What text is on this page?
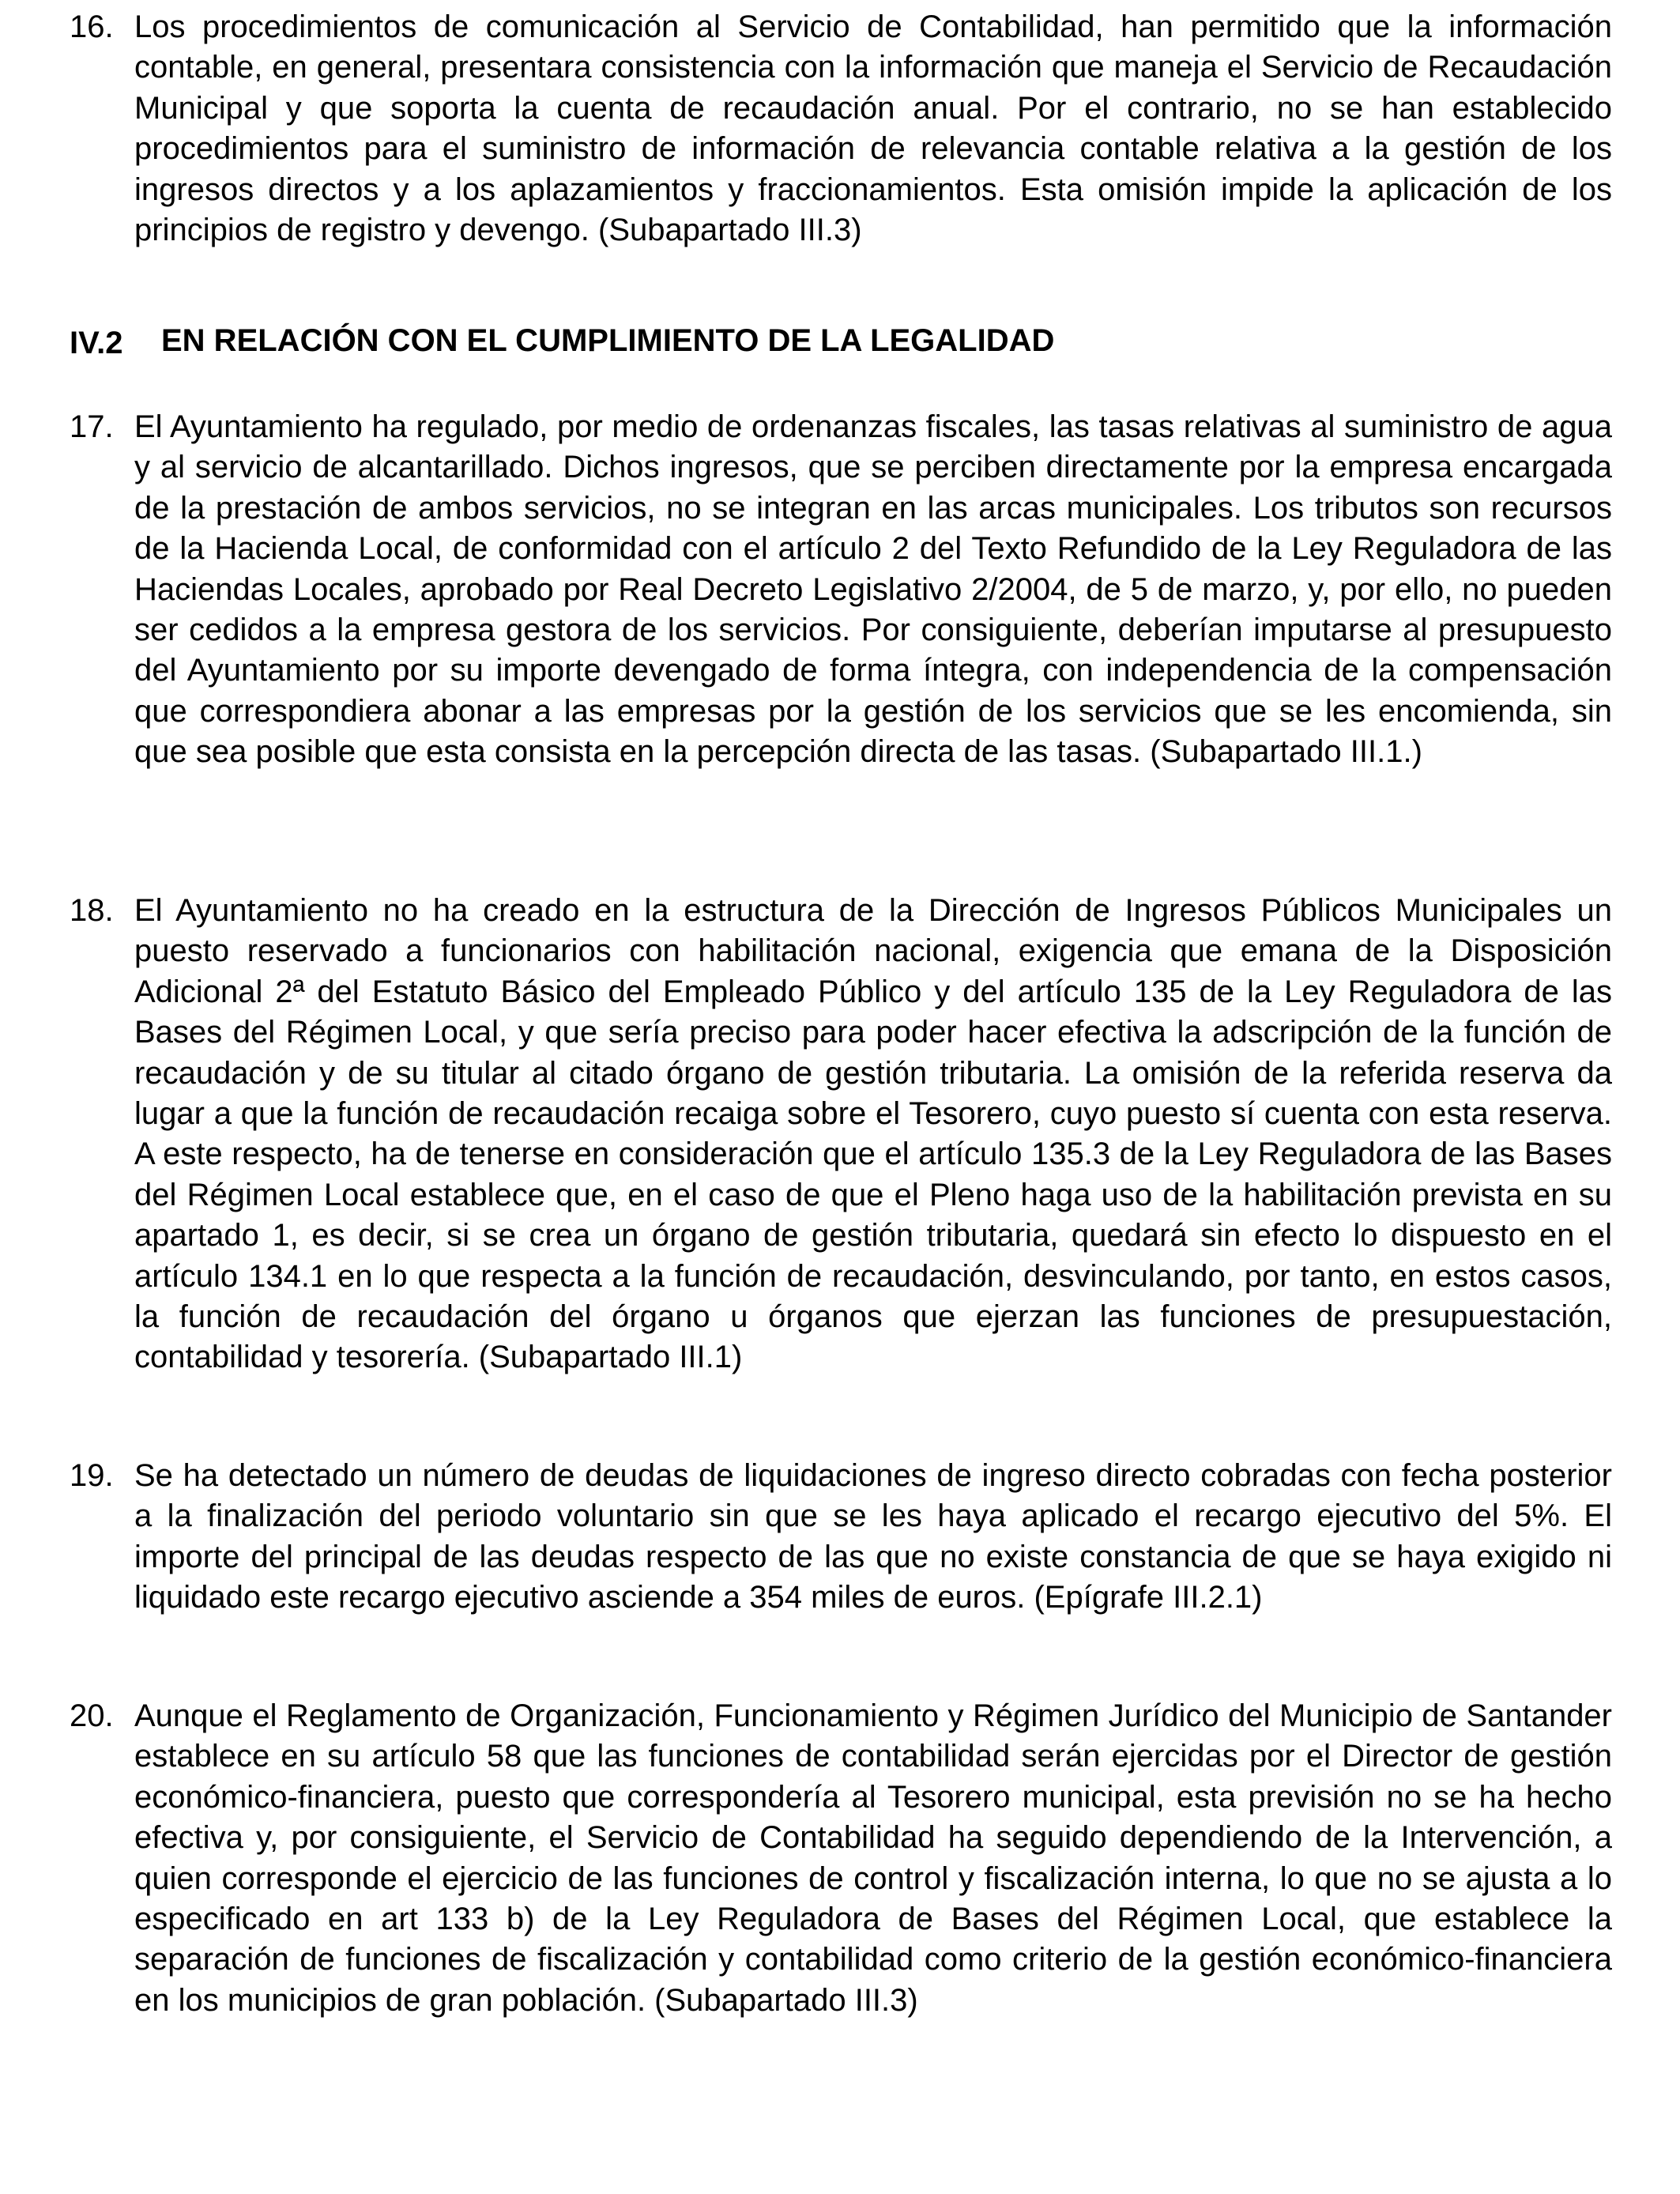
16. Los procedimientos de comunicación al Servicio de Contabilidad, han permitido que la información contable, en general, presentara consistencia con la información que maneja el Servicio de Recaudación Municipal y que soporta la cuenta de recaudación anual. Por el contrario, no se han establecido procedimientos para el suministro de información de relevancia contable relativa a la gestión de los ingresos directos y a los aplazamientos y fraccionamientos. Esta omisión impide la aplicación de los principios de registro y devengo. (Subapartado III.3)
IV.2	EN RELACIÓN CON EL CUMPLIMIENTO DE LA LEGALIDAD
17. El Ayuntamiento ha regulado, por medio de ordenanzas fiscales, las tasas relativas al suministro de agua y al servicio de alcantarillado. Dichos ingresos, que se perciben directamente por la empresa encargada de la prestación de ambos servicios, no se integran en las arcas municipales. Los tributos son recursos de la Hacienda Local, de conformidad con el artículo 2 del Texto Refundido de la Ley Reguladora de las Haciendas Locales, aprobado por Real Decreto Legislativo 2/2004, de 5 de marzo, y, por ello, no pueden ser cedidos a la empresa gestora de los servicios. Por consiguiente, deberían imputarse al presupuesto del Ayuntamiento por su importe devengado de forma íntegra, con independencia de la compensación que correspondiera abonar a las empresas por la gestión de los servicios que se les encomienda, sin que sea posible que esta consista en la percepción directa de las tasas. (Subapartado III.1.)
18. El Ayuntamiento no ha creado en la estructura de la Dirección de Ingresos Públicos Municipales un puesto reservado a funcionarios con habilitación nacional, exigencia que emana de la Disposición Adicional 2ª del Estatuto Básico del Empleado Público y del artículo 135 de la Ley Reguladora de las Bases del Régimen Local, y que sería preciso para poder hacer efectiva la adscripción de la función de recaudación y de su titular al citado órgano de gestión tributaria. La omisión de la referida reserva da lugar a que la función de recaudación recaiga sobre el Tesorero, cuyo puesto sí cuenta con esta reserva. A este respecto, ha de tenerse en consideración que el artículo 135.3 de la Ley Reguladora de las Bases del Régimen Local establece que, en el caso de que el Pleno haga uso de la habilitación prevista en su apartado 1, es decir, si se crea un órgano de gestión tributaria, quedará sin efecto lo dispuesto en el artículo 134.1 en lo que respecta a la función de recaudación, desvinculando, por tanto, en estos casos, la función de recaudación del órgano u órganos que ejerzan las funciones de presupuestación, contabilidad y tesorería. (Subapartado III.1)
19. Se ha detectado un número de deudas de liquidaciones de ingreso directo cobradas con fecha posterior a la finalización del periodo voluntario sin que se les haya aplicado el recargo ejecutivo del 5%. El importe del principal de las deudas respecto de las que no existe constancia de que se haya exigido ni liquidado este recargo ejecutivo asciende a 354 miles de euros. (Epígrafe III.2.1)
20. Aunque el Reglamento de Organización, Funcionamiento y Régimen Jurídico del Municipio de Santander establece en su artículo 58 que las funciones de contabilidad serán ejercidas por el Director de gestión económico-financiera, puesto que correspondería al Tesorero municipal, esta previsión no se ha hecho efectiva y, por consiguiente, el Servicio de Contabilidad ha seguido dependiendo de la Intervención, a quien corresponde el ejercicio de las funciones de control y fiscalización interna, lo que no se ajusta a lo especificado en art 133 b) de la Ley Reguladora de Bases del Régimen Local, que establece la separación de funciones de fiscalización y contabilidad como criterio de la gestión económico-financiera en los municipios de gran población. (Subapartado III.3)
